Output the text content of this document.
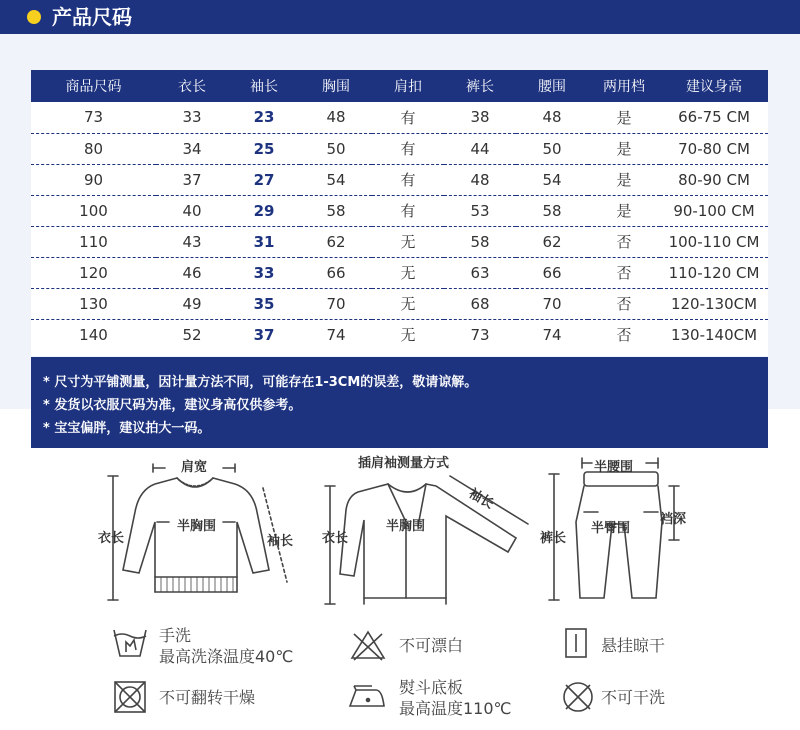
产品尺码
商品尺码	衣长	袖长	胸围	肩扣	裤长	腰围	两用档	建议身高
73	33	23	48	有	38	48	是	66-75 CM
80	34	25	50	有	44	50	是	70-80 CM
90	37	27	54	有	48	54	是	80-90 CM
100	40	29	58	有	53	58	是	90-100 CM
110	43	31	62	无	58	62	否	100-110 CM
120	46	33	66	无	63	66	否	110-120 CM
130	49	35	70	无	68	70	否	120-130CM
140	52	37	74	无	73	74	否	130-140CM
* 尺寸为平铺测量，因计量方法不同，可能存在1-3CM的误差，敬请谅解。
* 发货以衣服尺码为准，建议身高仅供参考。
* 宝宝偏胖，建议拍大一码。
肩宽
衣长
半胸围
袖长
插肩袖测量方式
衣长
半胸围
袖长
半腰围
裤长
半臀围
裆深
手洗
最高洗涤温度40℃
不可漂白	悬挂晾干
不可翻转干燥
熨斗底板
最高温度110℃
不可干洗
